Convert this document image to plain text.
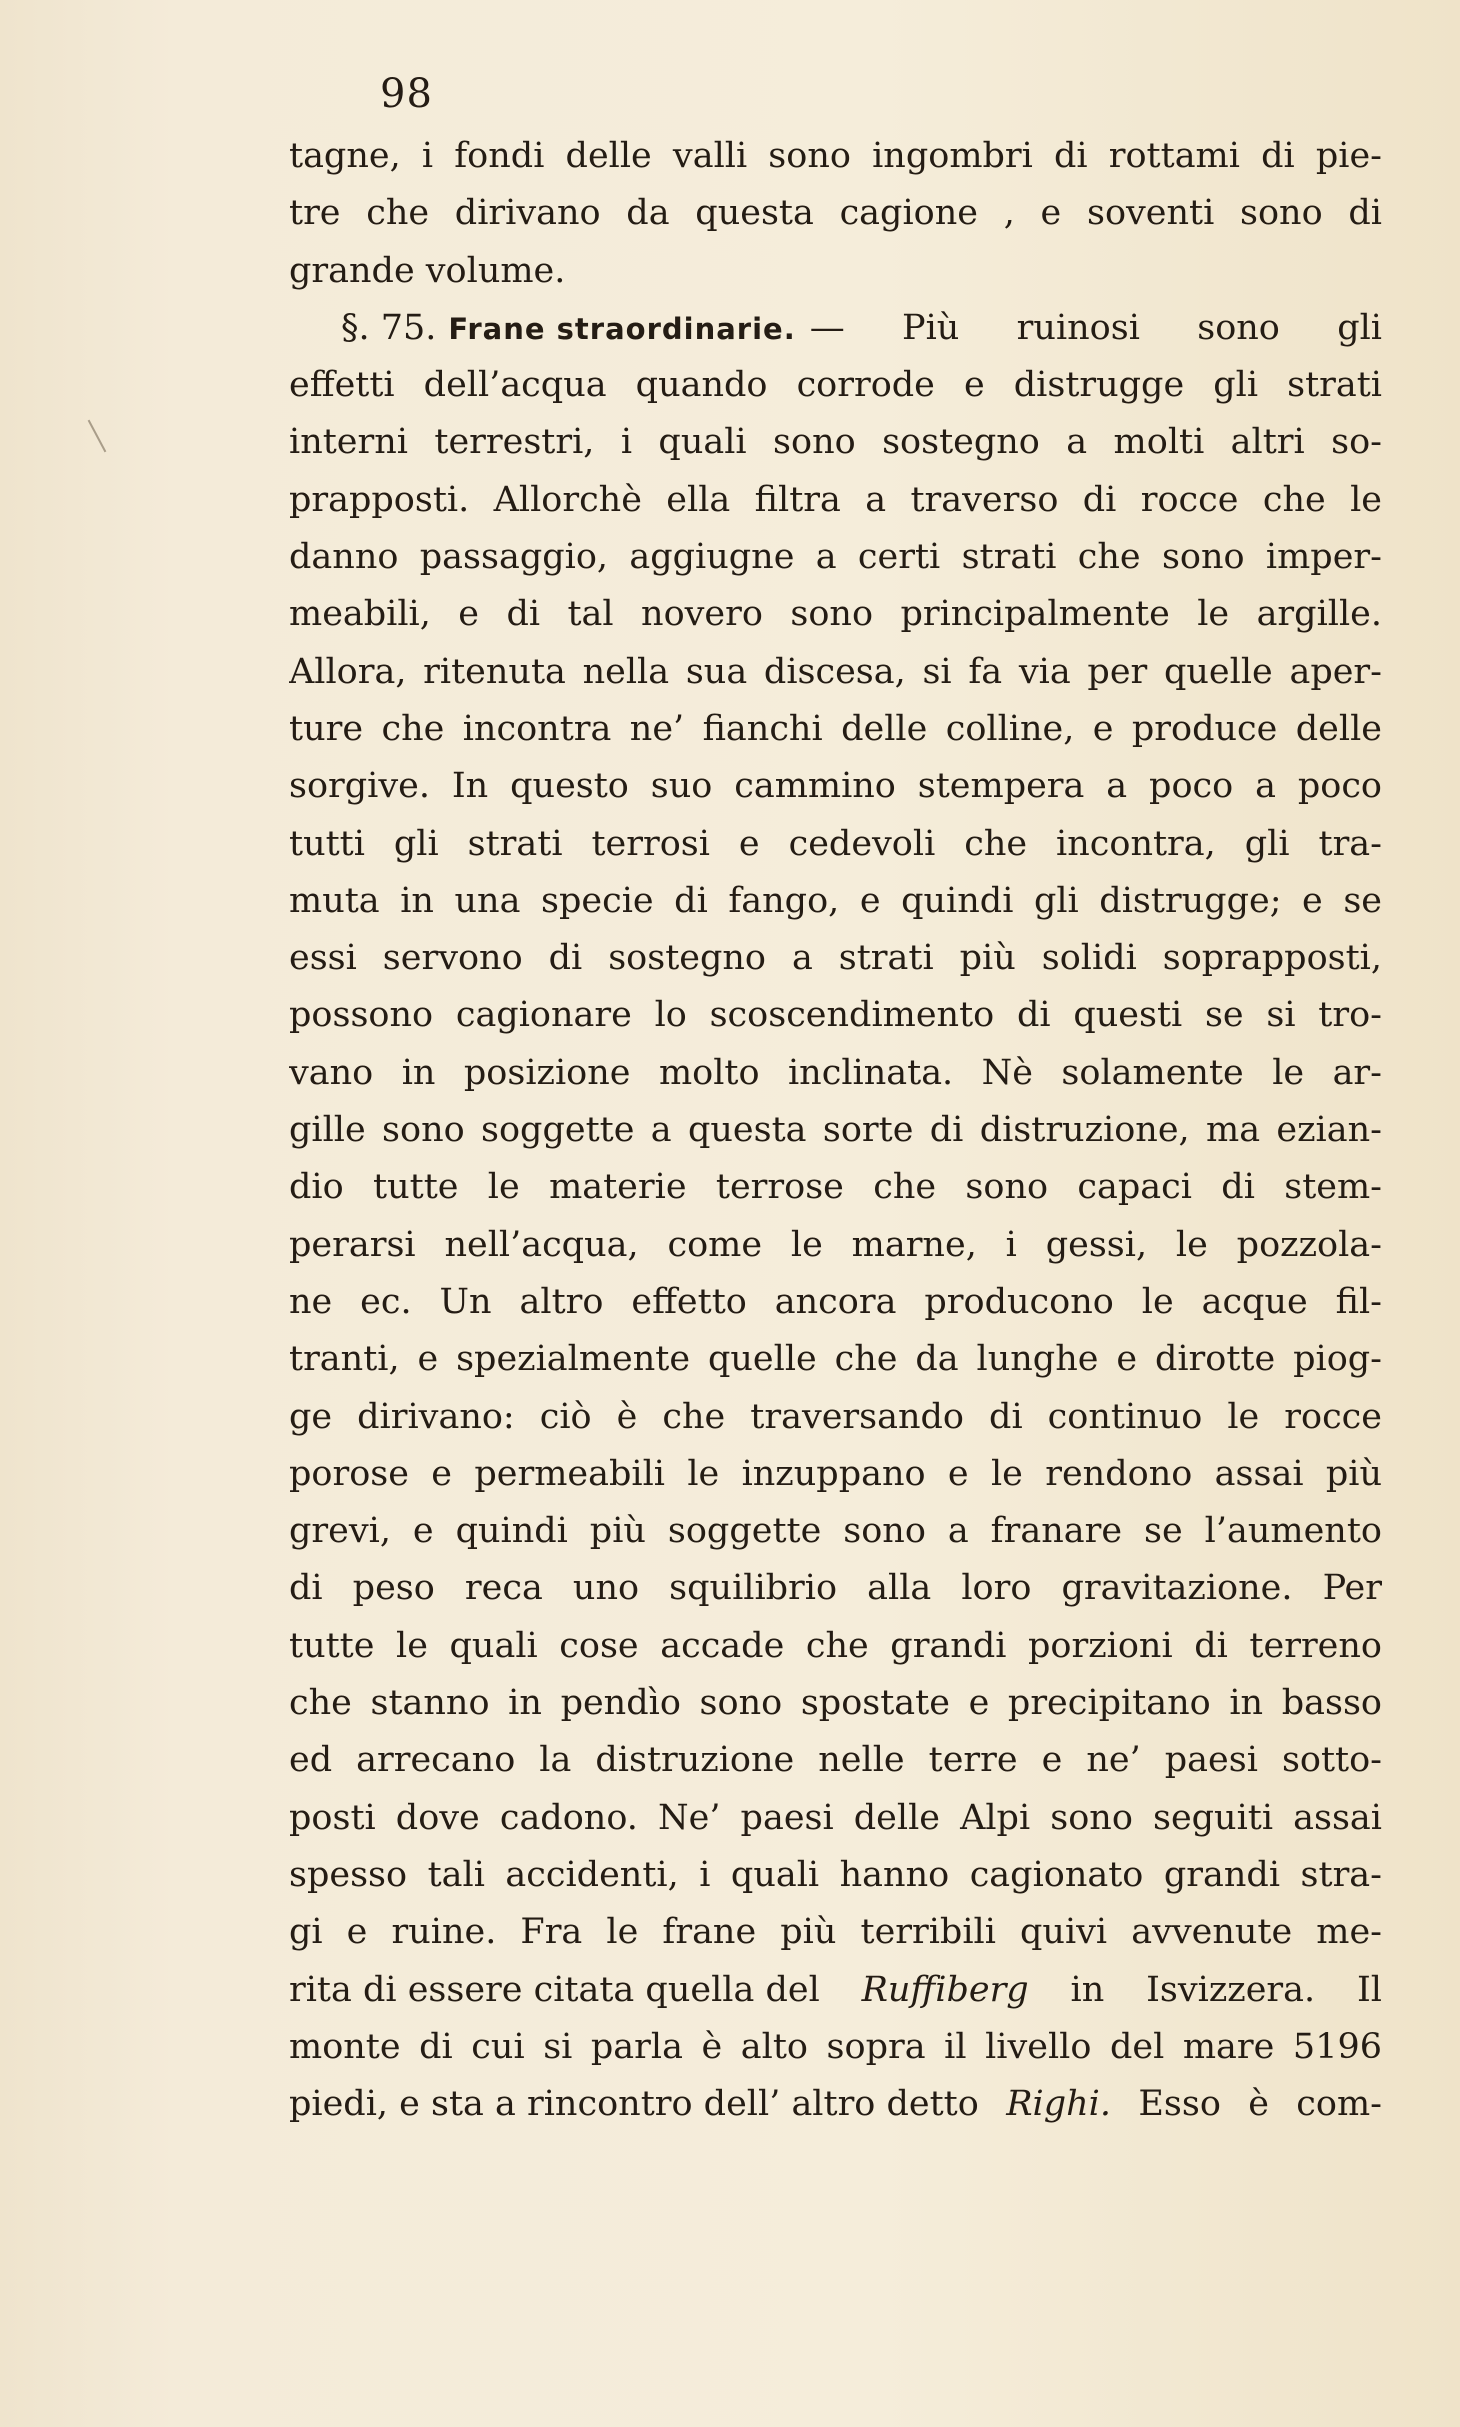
98
tagne, i fondi delle valli sono ingombri di rottami di pie-
tre che dirivano da questa cagione , e soventi sono di
grande volume.
§. 75. Frane straordinarie. — Più ruinosi sono gli
effetti dell’acqua quando corrode e distrugge gli strati
interni terrestri, i quali sono sostegno a molti altri so-
prapposti. Allorchè ella filtra a traverso di rocce che le
danno passaggio, aggiugne a certi strati che sono imper-
meabili, e di tal novero sono principalmente le argille.
Allora, ritenuta nella sua discesa, si fa via per quelle aper-
ture che incontra ne’ fianchi delle colline, e produce delle
sorgive. In questo suo cammino stempera a poco a poco
tutti gli strati terrosi e cedevoli che incontra, gli tra-
muta in una specie di fango, e quindi gli distrugge; e se
essi servono di sostegno a strati più solidi soprapposti,
possono cagionare lo scoscendimento di questi se si tro-
vano in posizione molto inclinata. Nè solamente le ar-
gille sono soggette a questa sorte di distruzione, ma ezian-
dio tutte le materie terrose che sono capaci di stem-
perarsi nell’acqua, come le marne, i gessi, le pozzola-
ne ec. Un altro effetto ancora producono le acque fil-
tranti, e spezialmente quelle che da lunghe e dirotte piog-
ge dirivano: ciò è che traversando di continuo le rocce
porose e permeabili le inzuppano e le rendono assai più
grevi, e quindi più soggette sono a franare se l’aumento
di peso reca uno squilibrio alla loro gravitazione. Per
tutte le quali cose accade che grandi porzioni di terreno
che stanno in pendìo sono spostate e precipitano in basso
ed arrecano la distruzione nelle terre e ne’ paesi sotto-
posti dove cadono. Ne’ paesi delle Alpi sono seguiti assai
spesso tali accidenti, i quali hanno cagionato grandi stra-
gi e ruine. Fra le frane più terribili quivi avvenute me-
rita di essere citata quella del	Ruffiberg in Isvizzera. Il
monte di cui si parla è alto sopra il livello del mare 5196
piedi, e sta a rincontro dell’ altro detto Righi. Esso è com-
